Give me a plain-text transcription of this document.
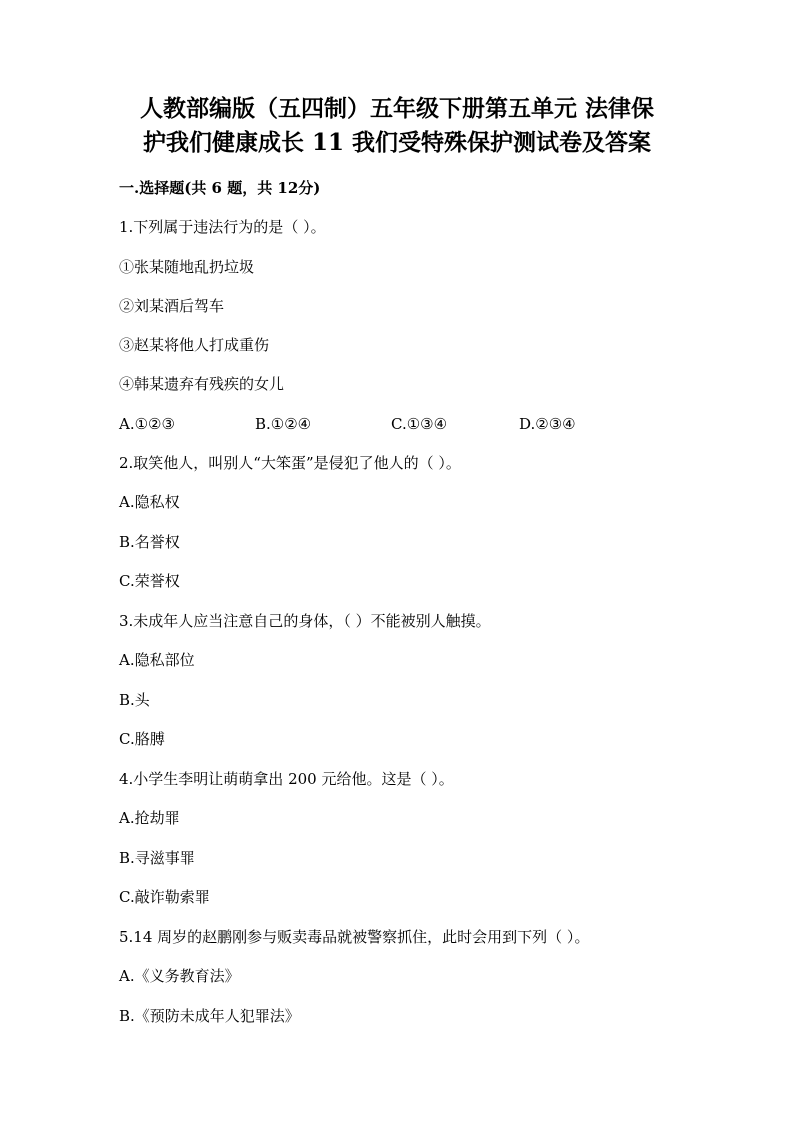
人教部编版（五四制）五年级下册第五单元 法律保
护我们健康成长 11 我们受特殊保护测试卷及答案
一.选择题(共 6 题，共 12分)
1.下列属于违法行为的是（ ）。
①张某随地乱扔垃圾
②刘某酒后驾车
③赵某将他人打成重伤
④韩某遗弃有残疾的女儿
A.①②③	B.①②④	C.①③④	D.②③④
2.取笑他人，叫别人“大笨蛋”是侵犯了他人的（ ）。
A.隐私权
B.名誉权
C.荣誉权
3.未成年人应当注意自己的身体，（ ）不能被别人触摸。
A.隐私部位
B.头
C.胳膊
4.小学生李明让萌萌拿出 200 元给他。这是（ ）。
A.抢劫罪
B.寻滋事罪
C.敲诈勒索罪
5.14 周岁的赵鹏刚参与贩卖毒品就被警察抓住，此时会用到下列（ ）。
A.《义务教育法》
B.《预防未成年人犯罪法》
